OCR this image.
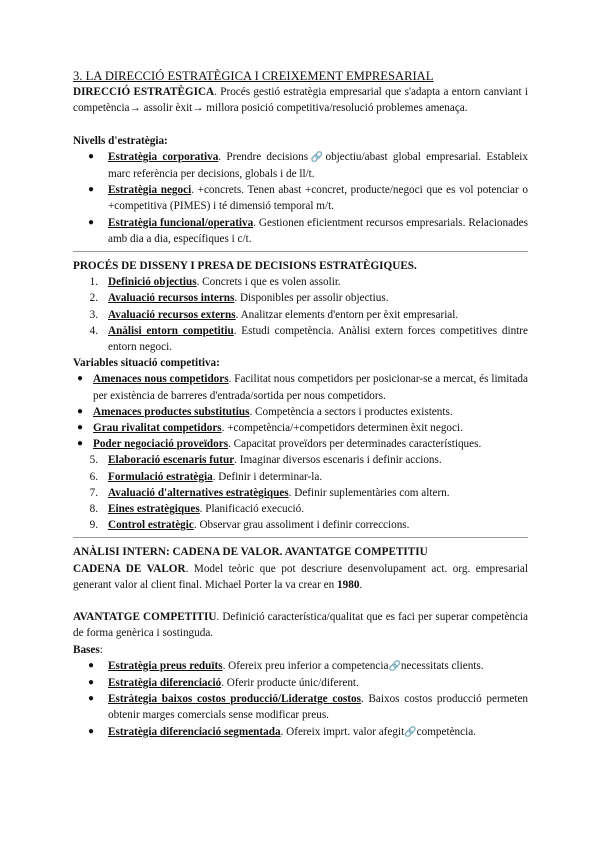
3. LA DIRECCIÓ ESTRATÈGICA I CREIXEMENT EMPRESARIAL

DIRECCIÓ ESTRATÈGICA. Procés gestió estratègia empresarial que s'adapta a entorn canviant i competència→ assolir èxit→ millora posició competitiva/resolució problemes amenaça.

Nivells d'estratègia:

● Estratègia corporativa. Prendre decisions🔗objectiu/abast global empresarial. Estableix marc referència per decisions, globals i de ll/t.
● Estratègia negoci. +concrets. Tenen abast +concret, producte/negoci que es vol potenciar o +competitiva (PIMES) i té dimensió temporal m/t.
● Estratègia funcional/operativa. Gestionen eficientment recursos empresarials. Relacionades amb dia a dia, específiques i c/t.

PROCÉS DE DISSENY I PRESA DE DECISIONS ESTRATÈGIQUES.

1. Definició objectius. Concrets i que es volen assolir.
2. Avaluació recursos interns. Disponibles per assolir objectius.
3. Avaluació recursos externs. Analitzar elements d'entorn per èxit empresarial.
4. Anàlisi entorn competitiu. Estudi competència. Anàlisi extern forces competitives dintre entorn negoci.

Variables situació competitiva:

● Amenaces nous competidors. Facilitat nous competidors per posicionar-se a mercat, és limitada per existència de barreres d'entrada/sortida per nous competidors.
● Amenaces productes substitutius. Competència a sectors i productes existents.
● Grau rivalitat competidors. +competència/+competidors determinen èxit negoci.
● Poder negociació proveïdors. Capacitat proveïdors per determinades característiques.
5. Elaboració escenaris futur. Imaginar diversos escenaris i definir accions.
6. Formulació estratègia. Definir i determinar-la.
7. Avaluació d'alternatives estratègiques. Definir suplementàries com altern.
8. Eines estratègiques. Planificació execució.
9. Control estratègic. Observar grau assoliment i definir correccions.

ANÀLISI INTERN: CADENA DE VALOR. AVANTATGE COMPETITIU

CADENA DE VALOR. Model teòric que pot descriure desenvolupament act. org. empresarial generant valor al client final. Michael Porter la va crear en 1980.

AVANTATGE COMPETITIU. Definició característica/qualitat que es faci per superar competència de forma genèrica i sostinguda.

Bases:

● Estratègia preus reduïts. Ofereix preu inferior a competencia🔗necessitats clients.
● Estratègia diferenciació. Oferir producte únic/diferent.
● Estràtegia baixos costos producció/Lideratge costos. Baixos costos producció permeten obtenir marges comercials sense modificar preus.
● Estratègia diferenciació segmentada. Ofereix imprt. valor afegit🔗competència.
